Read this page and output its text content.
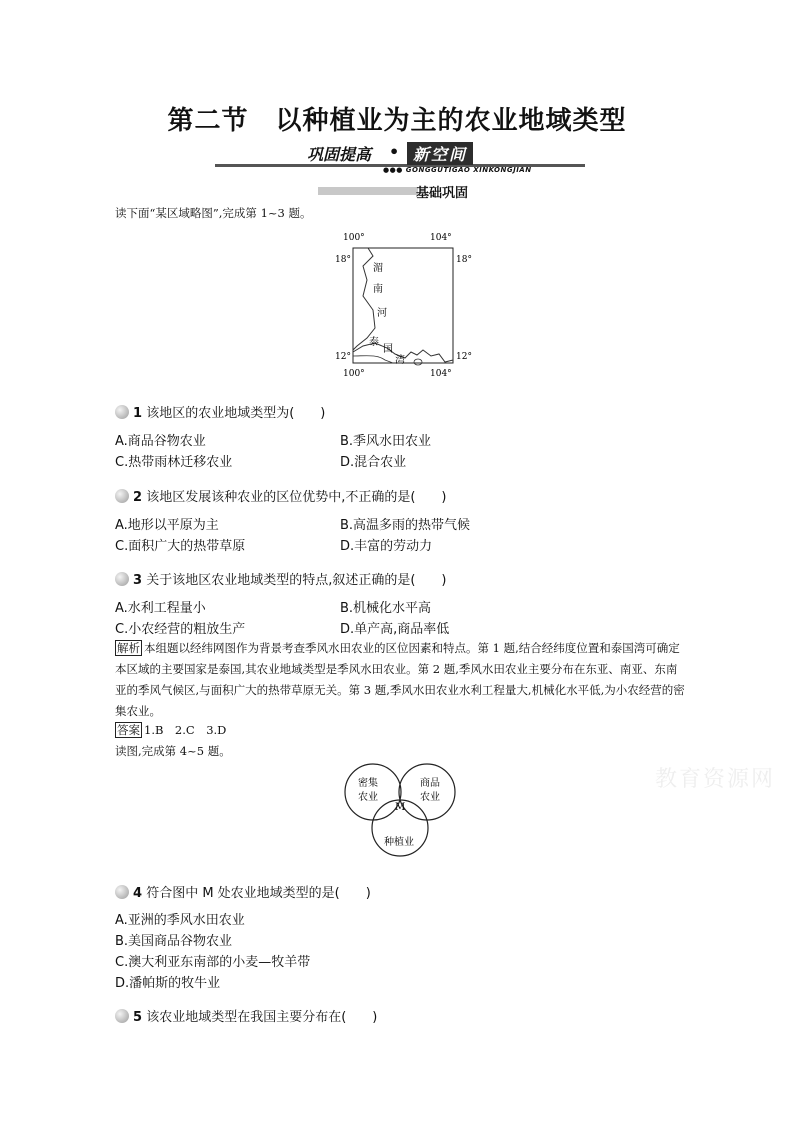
第二节　以种植业为主的农业地域类型
巩固提高 • 新空间
●●● GONGGUTIGAO XINKONGJIAN
基础巩固
读下面“某区域略图”,完成第 1~3 题。
100°	104°
18°	18°
12°	12°
100°	104°
湄
南
河
泰
国
湾
1 该地区的农业地域类型为(　　)
A.商品谷物农业	B.季风水田农业
C.热带雨林迁移农业	D.混合农业
2 该地区发展该种农业的区位优势中,不正确的是(　　)
A.地形以平原为主	B.高温多雨的热带气候
C.面积广大的热带草原	D.丰富的劳动力
3 关于该地区农业地域类型的特点,叙述正确的是(　　)
A.水利工程量小	B.机械化水平高
C.小农经营的粗放生产	D.单产高,商品率低
解析 本组题以经纬网图作为背景考查季风水田农业的区位因素和特点。第 1 题,结合经纬度位置和泰国湾可确定本区域的主要国家是泰国,其农业地域类型是季风水田农业。第 2 题,季风水田农业主要分布在东亚、南亚、东南亚的季风气候区,与面积广大的热带草原无关。第 3 题,季风水田农业水利工程量大,机械化水平低,为小农经营的密集农业。
答案 1.B　2.C　3.D
读图,完成第 4~5 题。
密集
农业
商品
农业
种植业
M
教育资源网
4 符合图中 M 处农业地域类型的是(　　)
A.亚洲的季风水田农业
B.美国商品谷物农业
C.澳大利亚东南部的小麦—牧羊带
D.潘帕斯的牧牛业
5 该农业地域类型在我国主要分布在(　　)
